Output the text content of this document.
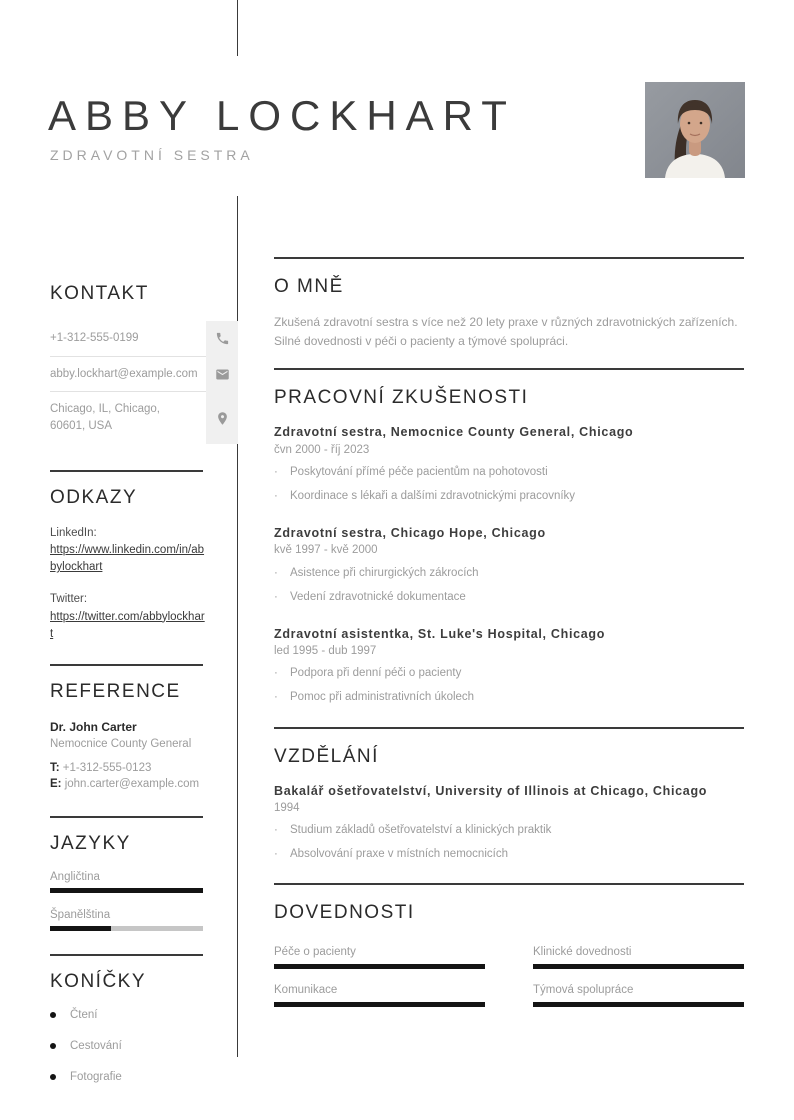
ABBY LOCKHART
ZDRAVOTNÍ SESTRA
KONTAKT
+1-312-555-0199
abby.lockhart@example.com
Chicago, IL, Chicago, 60601, USA
ODKAZY
LinkedIn:
https://www.linkedin.com/in/abbylockhart
Twitter:
https://twitter.com/abbylockhart
REFERENCE
Dr. John Carter
Nemocnice County General
T: +1-312-555-0123
E: john.carter@example.com
JAZYKY
Angličtina
Španělština
KONÍČKY
Čtení
Cestování
Fotografie
O MNĚ
Zkušená zdravotní sestra s více než 20 lety praxe v různých zdravotnických zařízeních. Silné dovednosti v péči o pacienty a týmové spolupráci.
PRACOVNÍ ZKUŠENOSTI
Zdravotní sestra, Nemocnice County General, Chicago
čvn 2000 - říj 2023
·
Poskytování přímé péče pacientům na pohotovosti
·
Koordinace s lékaři a dalšími zdravotnickými pracovníky
Zdravotní sestra, Chicago Hope, Chicago
kvě 1997 - kvě 2000
·
Asistence při chirurgických zákrocích
·
Vedení zdravotnické dokumentace
Zdravotní asistentka, St. Luke's Hospital, Chicago
led 1995 - dub 1997
·
Podpora při denní péči o pacienty
·
Pomoc při administrativních úkolech
VZDĚLÁNÍ
Bakalář ošetřovatelství, University of Illinois at Chicago, Chicago
1994
·
Studium základů ošetřovatelství a klinických praktik
·
Absolvování praxe v místních nemocnicích
DOVEDNOSTI
Péče o pacienty	Klinické dovednosti
Komunikace	Týmová spolupráce
